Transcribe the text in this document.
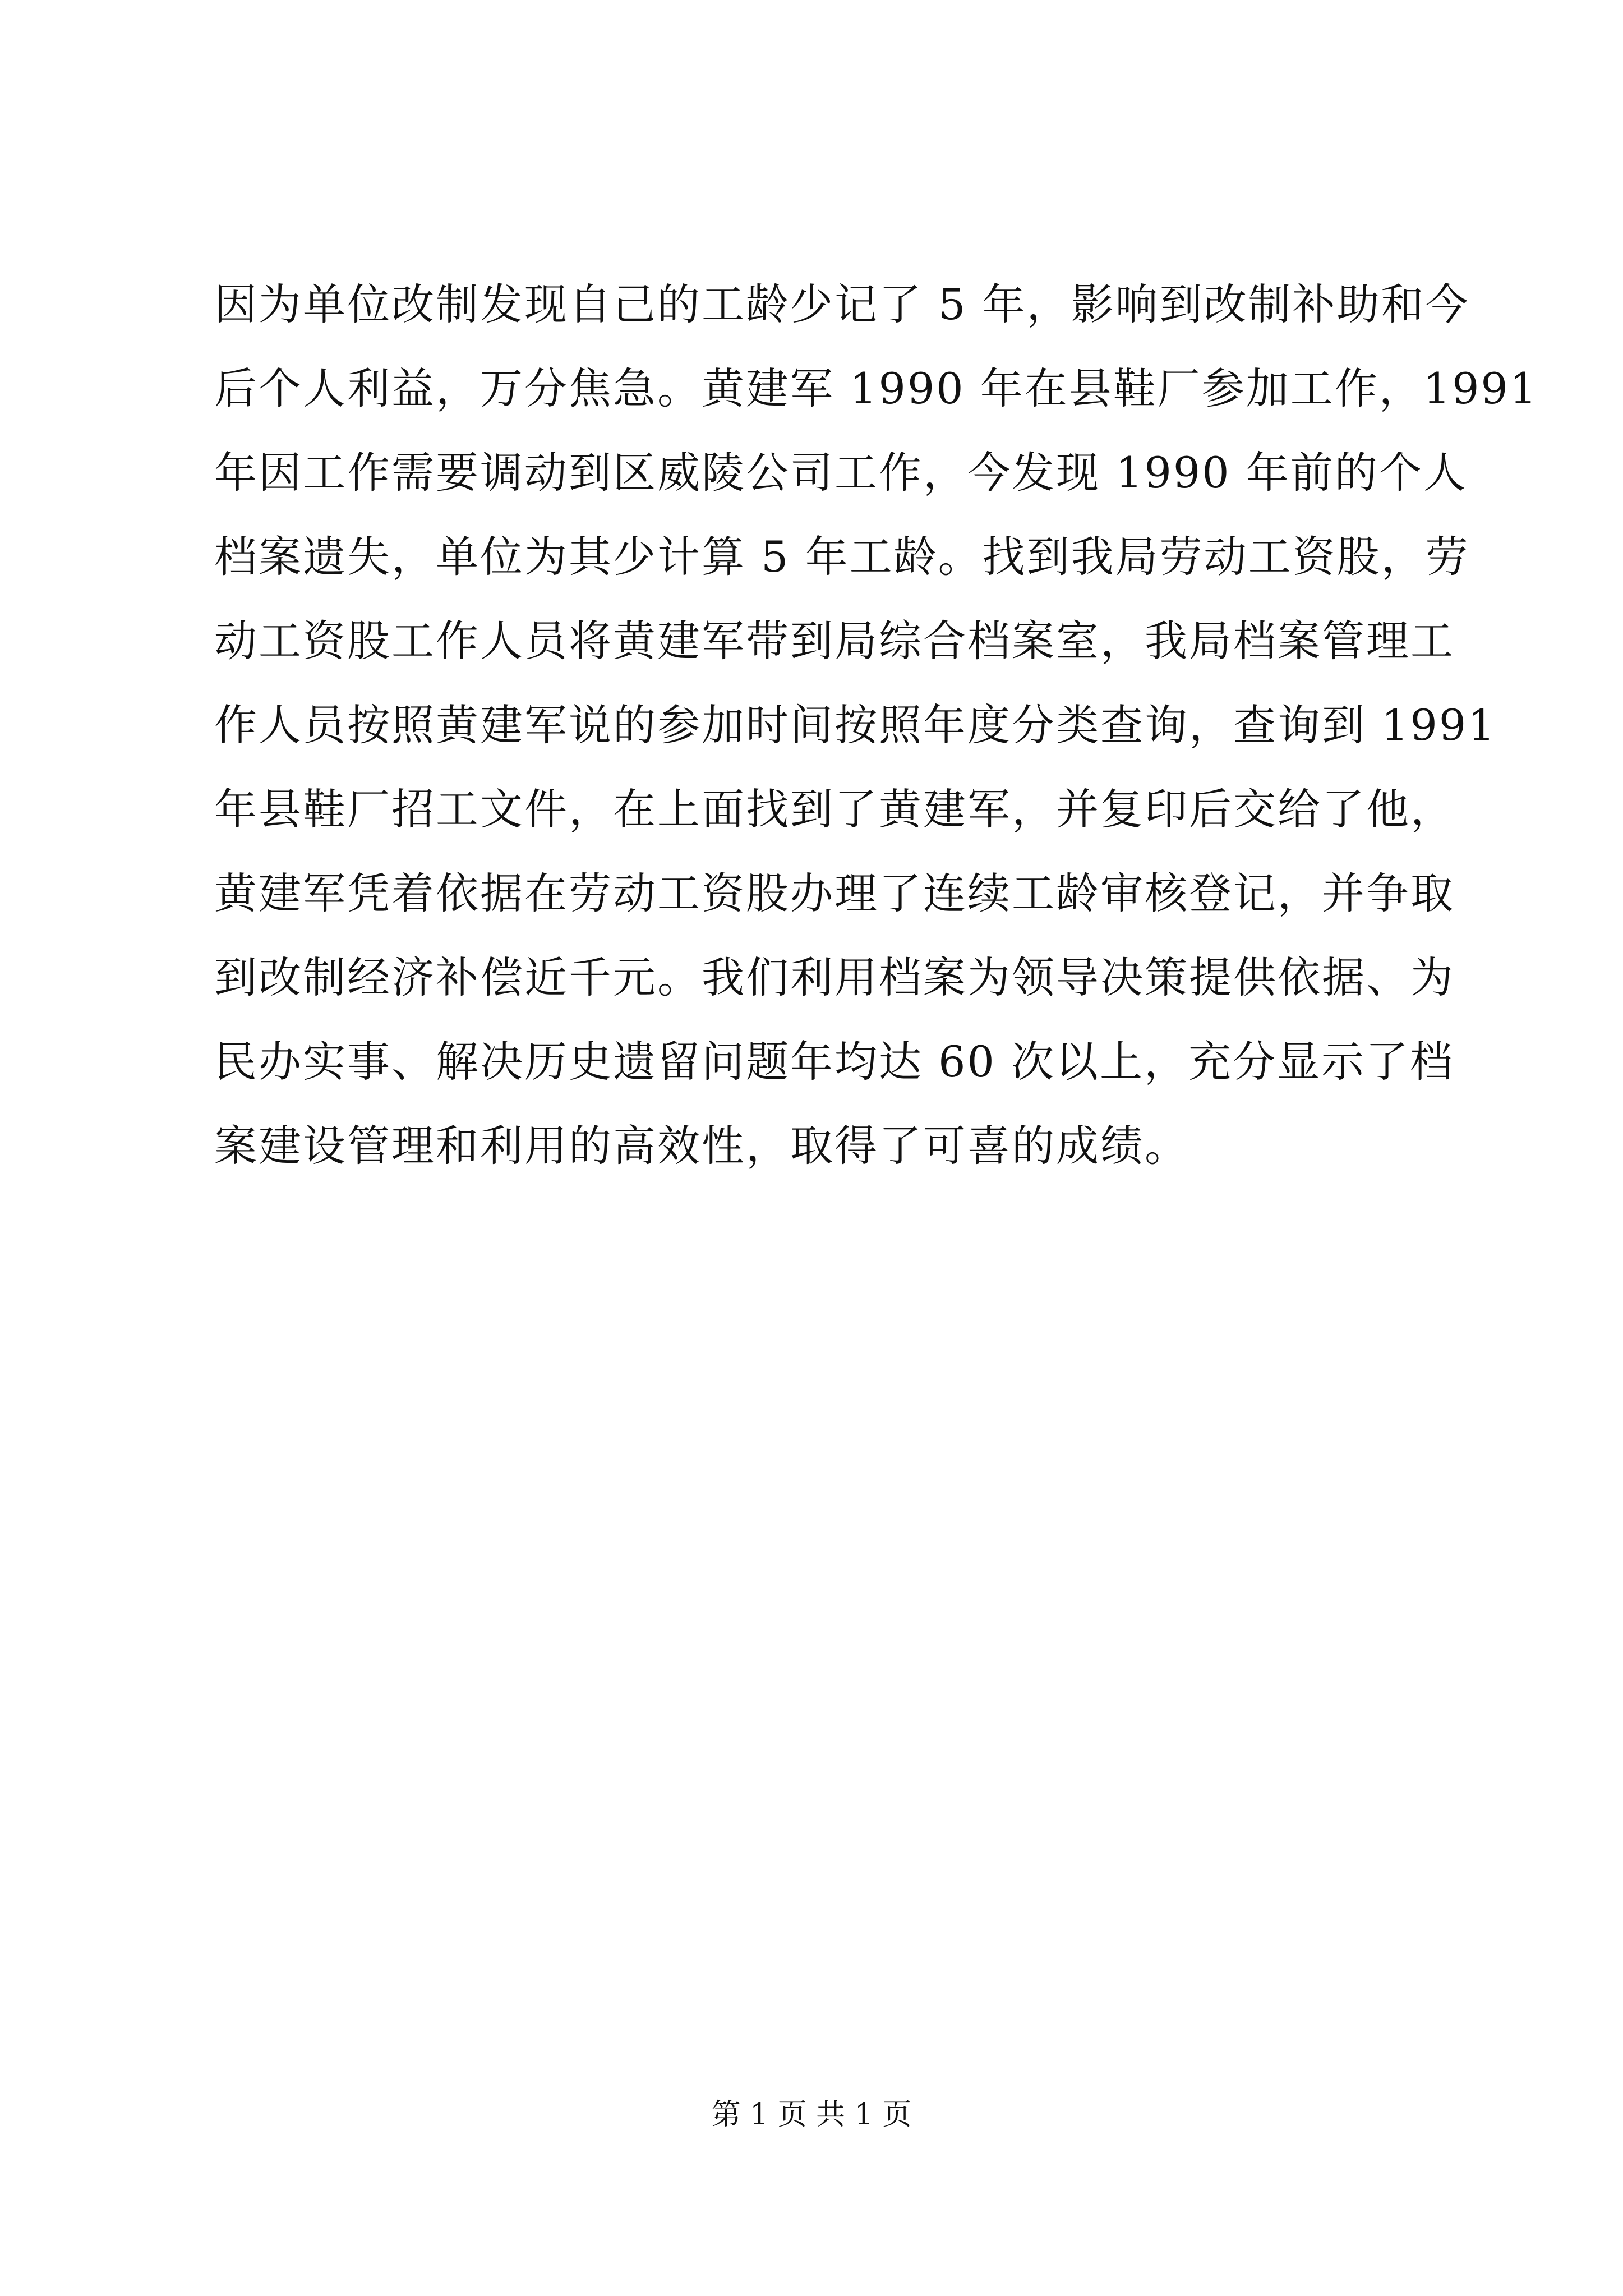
因为单位改制发现自己的工龄少记了 5 年，影响到改制补助和今
后个人利益，万分焦急。黄建军 1990 年在县鞋厂参加工作，1991
年因工作需要调动到区威陵公司工作，今发现 1990 年前的个人
档案遗失，单位为其少计算 5 年工龄。找到我局劳动工资股，劳
动工资股工作人员将黄建军带到局综合档案室，我局档案管理工
作人员按照黄建军说的参加时间按照年度分类查询，查询到 1991
年县鞋厂招工文件，在上面找到了黄建军，并复印后交给了他，
黄建军凭着依据在劳动工资股办理了连续工龄审核登记，并争取
到改制经济补偿近千元。我们利用档案为领导决策提供依据、为
民办实事、解决历史遗留问题年均达 60 次以上，充分显示了档
案建设管理和利用的高效性，取得了可喜的成绩。
第 1 页 共 1 页
